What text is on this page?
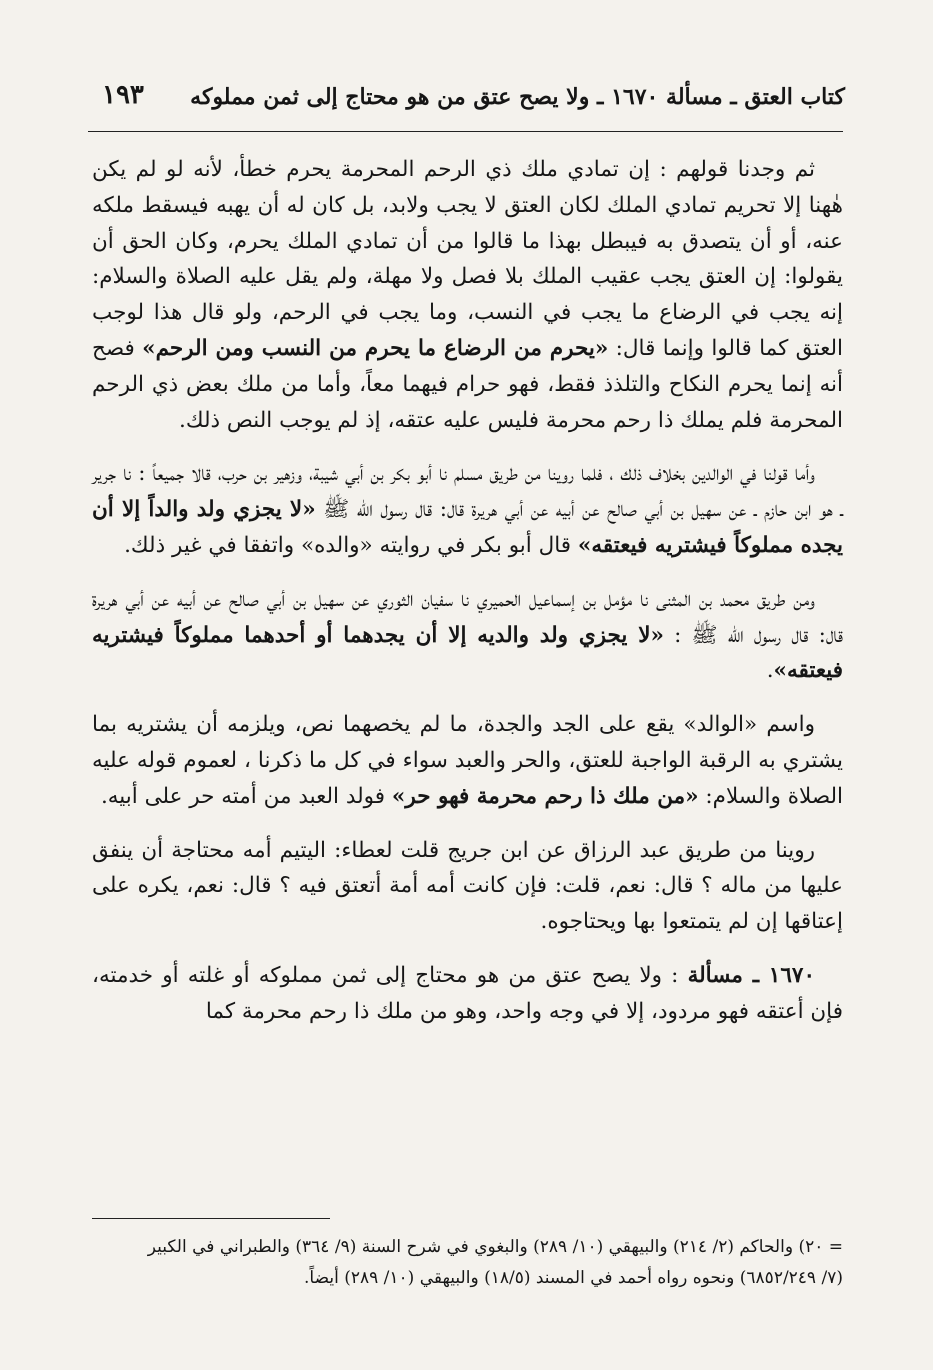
كتاب العتق ـ مسألة ١٦٧٠ ـ ولا يصح عتق من هو محتاج إلى ثمن مملوكه
١٩٣

ثم وجدنا قولهم : إن تمادي ملك ذي الرحم المحرمة يحرم خطأ، لأنه لو لم يكن هٰهنا إلا تحريم تمادي الملك لكان العتق لا يجب ولابد، بل كان له أن يهبه فيسقط ملكه عنه، أو أن يتصدق به فيبطل بهذا ما قالوا من أن تمادي الملك يحرم، وكان الحق أن يقولوا: إن العتق يجب عقيب الملك بلا فصل ولا مهلة، ولم يقل عليه الصلاة والسلام: إنه يجب في الرضاع ما يجب في النسب، وما يجب في الرحم، ولو قال هذا لوجب العتق كما قالوا وإنما قال: «يحرم من الرضاع ما يحرم من النسب ومن الرحم» فصح أنه إنما يحرم النكاح والتلذذ فقط، فهو حرام فيهما معاً، وأما من ملك بعض ذي الرحم المحرمة فلم يملك ذا رحم محرمة فليس عليه عتقه، إذ لم يوجب النص ذلك.

وأما قولنا في الوالدين بخلاف ذلك ، فلما روينا من طريق مسلم نا أبو بكر بن أبي شيبة، وزهير بن حرب، قالا جميعاً : نا جرير ـ هو ابن حازم ـ عن سهيل بن أبي صالح عن أبيه عن أبي هريرة قال: قال رسول الله ﷺ «لا يجزي ولد والداً إلا أن يجده مملوكاً فيشتريه فيعتقه» قال أبو بكر في روايته «والده» واتفقا في غير ذلك.

ومن طريق محمد بن المثنى نا مؤمل بن إسماعيل الحميري نا سفيان الثوري عن سهيل بن أبي صالح عن أبيه عن أبي هريرة قال: قال رسول الله ﷺ : «لا يجزي ولد والديه إلا أن يجدهما أو أحدهما مملوكاً فيشتريه فيعتقه».

واسم «الوالد» يقع على الجد والجدة، ما لم يخصهما نص، ويلزمه أن يشتريه بما يشتري به الرقبة الواجبة للعتق، والحر والعبد سواء في كل ما ذكرنا ، لعموم قوله عليه الصلاة والسلام: «من ملك ذا رحم محرمة فهو حر» فولد العبد من أمته حر على أبيه.

روينا من طريق عبد الرزاق عن ابن جريج قلت لعطاء: اليتيم أمه محتاجة أن ينفق عليها من ماله ؟ قال: نعم، قلت: فإن كانت أمه أمة أتعتق فيه ؟ قال: نعم، يكره على إعتاقها إن لم يتمتعوا بها ويحتاجوه.

١٦٧٠ ـ مسألة : ولا يصح عتق من هو محتاج إلى ثمن مملوكه أو غلته أو خدمته، فإن أعتقه فهو مردود، إلا في وجه واحد، وهو من ملك ذا رحم محرمة كما

= ٢٠) والحاكم (٢/ ٢١٤) والبيهقي (١٠/ ٢٨٩) والبغوي في شرح السنة (٩/ ٣٦٤) والطبراني في الكبير

(٧/ ٦٨٥٢/٢٤٩) ونحوه رواه أحمد في المسند (١٨/٥) والبيهقي (١٠/ ٢٨٩) أيضاً.
